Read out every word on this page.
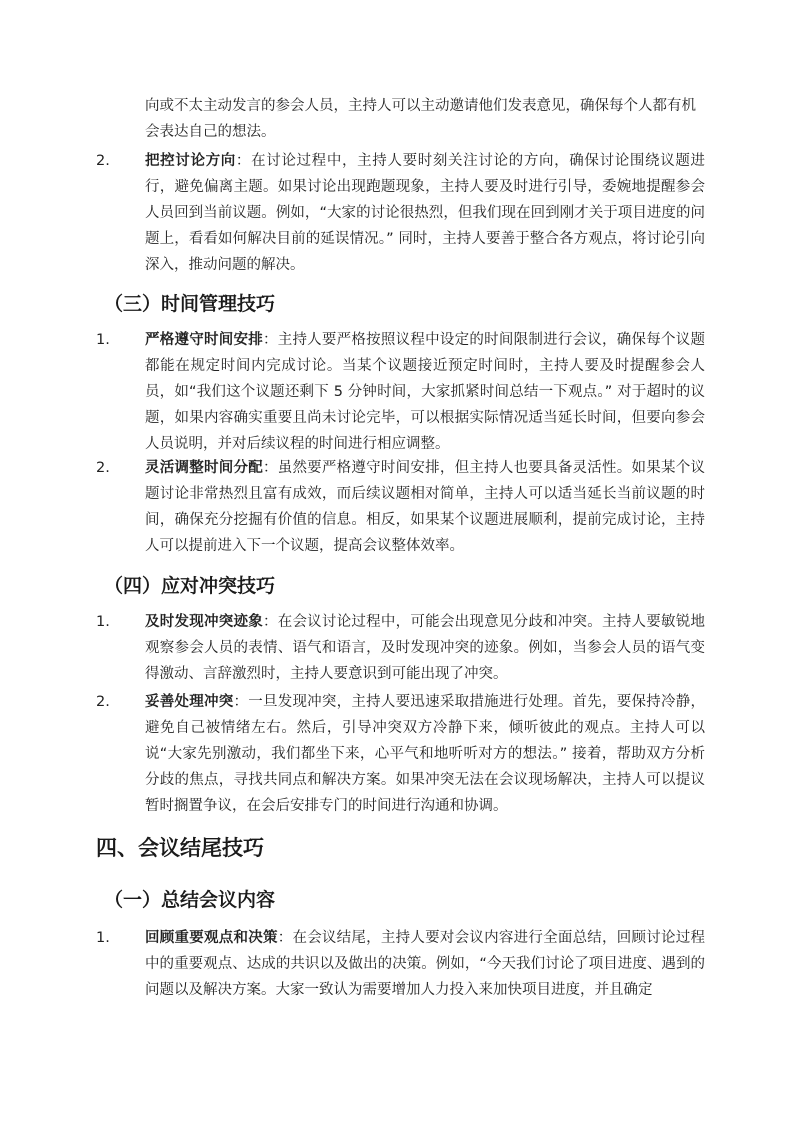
向或不太主动发言的参会人员，主持人可以主动邀请他们发表意见，确保每个人都有机会表达自己的想法。

2. 把控讨论方向：在讨论过程中，主持人要时刻关注讨论的方向，确保讨论围绕议题进行，避免偏离主题。如果讨论出现跑题现象，主持人要及时进行引导，委婉地提醒参会人员回到当前议题。例如，“大家的讨论很热烈，但我们现在回到刚才关于项目进度的问题上，看看如何解决目前的延误情况。” 同时，主持人要善于整合各方观点，将讨论引向深入，推动问题的解决。

（三）时间管理技巧
1. 严格遵守时间安排：主持人要严格按照议程中设定的时间限制进行会议，确保每个议题都能在规定时间内完成讨论。当某个议题接近预定时间时，主持人要及时提醒参会人员，如“我们这个议题还剩下 5 分钟时间，大家抓紧时间总结一下观点。” 对于超时的议题，如果内容确实重要且尚未讨论完毕，可以根据实际情况适当延长时间，但要向参会人员说明，并对后续议程的时间进行相应调整。

2. 灵活调整时间分配：虽然要严格遵守时间安排，但主持人也要具备灵活性。如果某个议题讨论非常热烈且富有成效，而后续议题相对简单，主持人可以适当延长当前议题的时间，确保充分挖掘有价值的信息。相反，如果某个议题进展顺利，提前完成讨论，主持人可以提前进入下一个议题，提高会议整体效率。

（四）应对冲突技巧
1. 及时发现冲突迹象：在会议讨论过程中，可能会出现意见分歧和冲突。主持人要敏锐地观察参会人员的表情、语气和语言，及时发现冲突的迹象。例如，当参会人员的语气变得激动、言辞激烈时，主持人要意识到可能出现了冲突。

2. 妥善处理冲突：一旦发现冲突，主持人要迅速采取措施进行处理。首先，要保持冷静，避免自己被情绪左右。然后，引导冲突双方冷静下来，倾听彼此的观点。主持人可以说“大家先别激动，我们都坐下来，心平气和地听听对方的想法。” 接着，帮助双方分析分歧的焦点，寻找共同点和解决方案。如果冲突无法在会议现场解决，主持人可以提议暂时搁置争议，在会后安排专门的时间进行沟通和协调。

四、会议结尾技巧
（一）总结会议内容
1. 回顾重要观点和决策：在会议结尾，主持人要对会议内容进行全面总结，回顾讨论过程中的重要观点、达成的共识以及做出的决策。例如，“今天我们讨论了项目进度、遇到的问题以及解决方案。大家一致认为需要增加人力投入来加快项目进度，并且确定
